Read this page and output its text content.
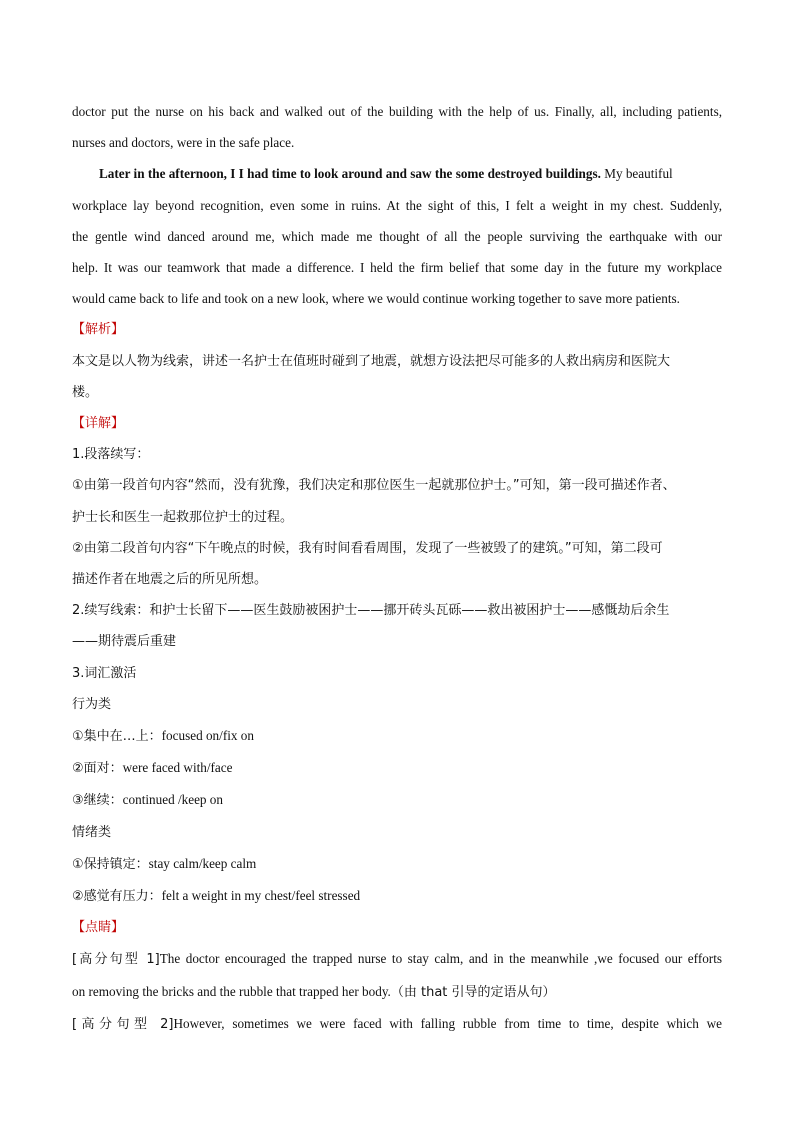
doctor put the nurse on his back and walked out of the building with the help of us. Finally, all, including patients,
nurses and doctors, were in the safe place.
Later in the afternoon, I I had time to look around and saw the some destroyed buildings. My beautiful
workplace lay beyond recognition, even some in ruins. At the sight of this, I felt a weight in my chest. Suddenly,
the gentle wind danced around me, which made me thought of all the people surviving the earthquake with our
help. It was our teamwork that made a difference. I held the firm belief that some day in the future my workplace
would came back to life and took on a new look, where we would continue working together to save more patients.
【解析】
本文是以人物为线索，讲述一名护士在值班时碰到了地震，就想方设法把尽可能多的人救出病房和医院大
楼。
【详解】
1.段落续写：
①由第一段首句内容“然而，没有犹豫，我们决定和那位医生一起就那位护士。”可知，第一段可描述作者、
护士长和医生一起救那位护士的过程。
②由第二段首句内容“下午晚点的时候，我有时间看看周围，发现了一些被毁了的建筑。”可知，第二段可
描述作者在地震之后的所见所想。
2.续写线索：和护士长留下——医生鼓励被困护士——挪开砖头瓦砾——救出被困护士——感慨劫后余生
——期待震后重建
3.词汇激活
行为类
①集中在…上：focused on/fix on
②面对：were faced with/face
③继续：continued /keep on
情绪类
①保持镇定：stay calm/keep calm
②感觉有压力：felt a weight in my chest/feel stressed
【点睛】
[高分句型 1]The doctor encouraged the trapped nurse to stay calm, and in the meanwhile ,we focused our efforts
on removing the bricks and the rubble that trapped her body.（由 that 引导的定语从句）
[高分句型 2]However, sometimes we were faced with falling rubble from time to time, despite which we
